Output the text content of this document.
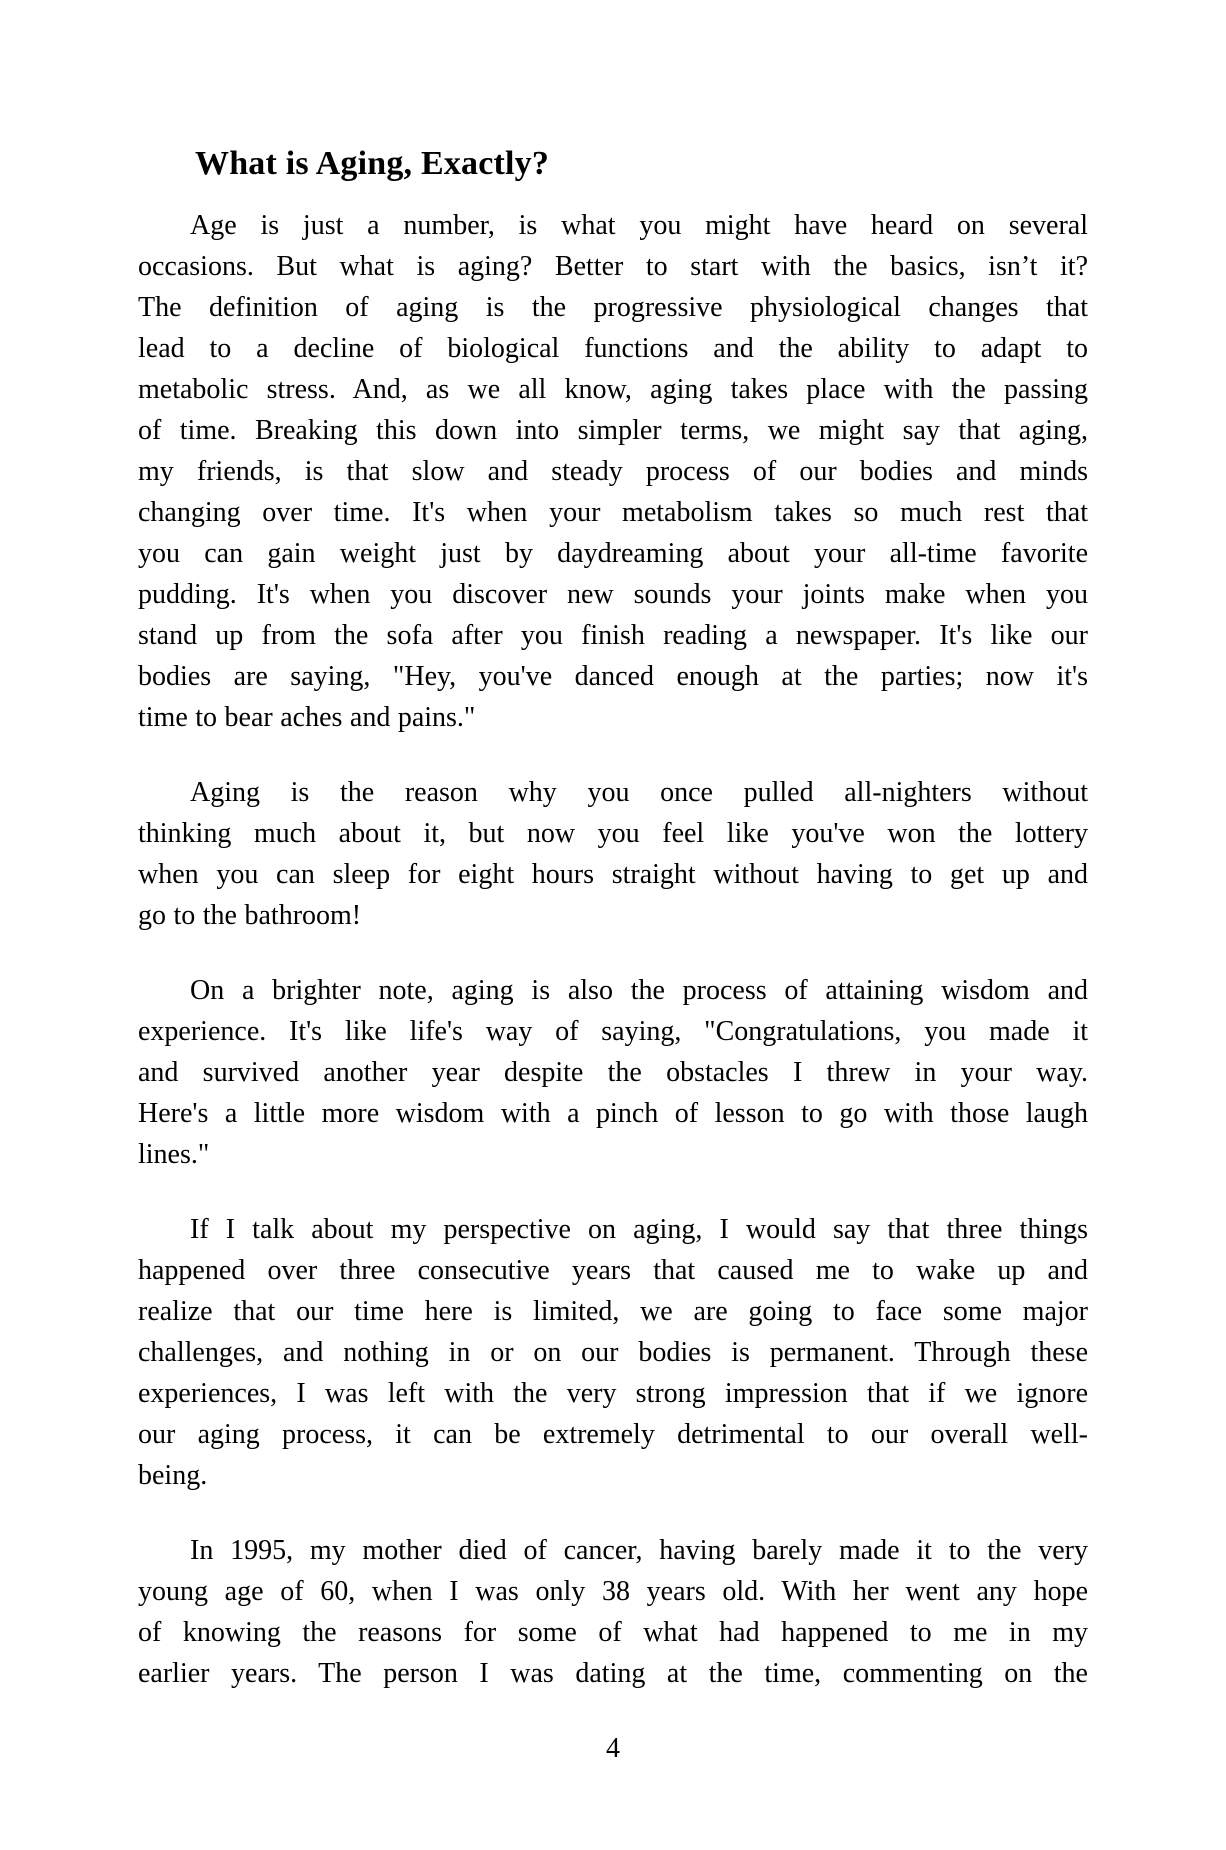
What is Aging, Exactly?

Age is just a number, is what you might have heard on several
occasions. But what is aging? Better to start with the basics, isn’t it?
The definition of aging is the progressive physiological changes that
lead to a decline of biological functions and the ability to adapt to
metabolic stress. And, as we all know, aging takes place with the passing
of time. Breaking this down into simpler terms, we might say that aging,
my friends, is that slow and steady process of our bodies and minds
changing over time. It's when your metabolism takes so much rest that
you can gain weight just by daydreaming about your all-time favorite
pudding. It's when you discover new sounds your joints make when you
stand up from the sofa after you finish reading a newspaper. It's like our
bodies are saying, "Hey, you've danced enough at the parties; now it's
time to bear aches and pains."

Aging is the reason why you once pulled all-nighters without
thinking much about it, but now you feel like you've won the lottery
when you can sleep for eight hours straight without having to get up and
go to the bathroom!

On a brighter note, aging is also the process of attaining wisdom and
experience. It's like life's way of saying, "Congratulations, you made it
and survived another year despite the obstacles I threw in your way.
Here's a little more wisdom with a pinch of lesson to go with those laugh
lines."

If I talk about my perspective on aging, I would say that three things
happened over three consecutive years that caused me to wake up and
realize that our time here is limited, we are going to face some major
challenges, and nothing in or on our bodies is permanent. Through these
experiences, I was left with the very strong impression that if we ignore
our aging process, it can be extremely detrimental to our overall well-
being.

In 1995, my mother died of cancer, having barely made it to the very
young age of 60, when I was only 38 years old. With her went any hope
of knowing the reasons for some of what had happened to me in my
earlier years. The person I was dating at the time, commenting on the

4
